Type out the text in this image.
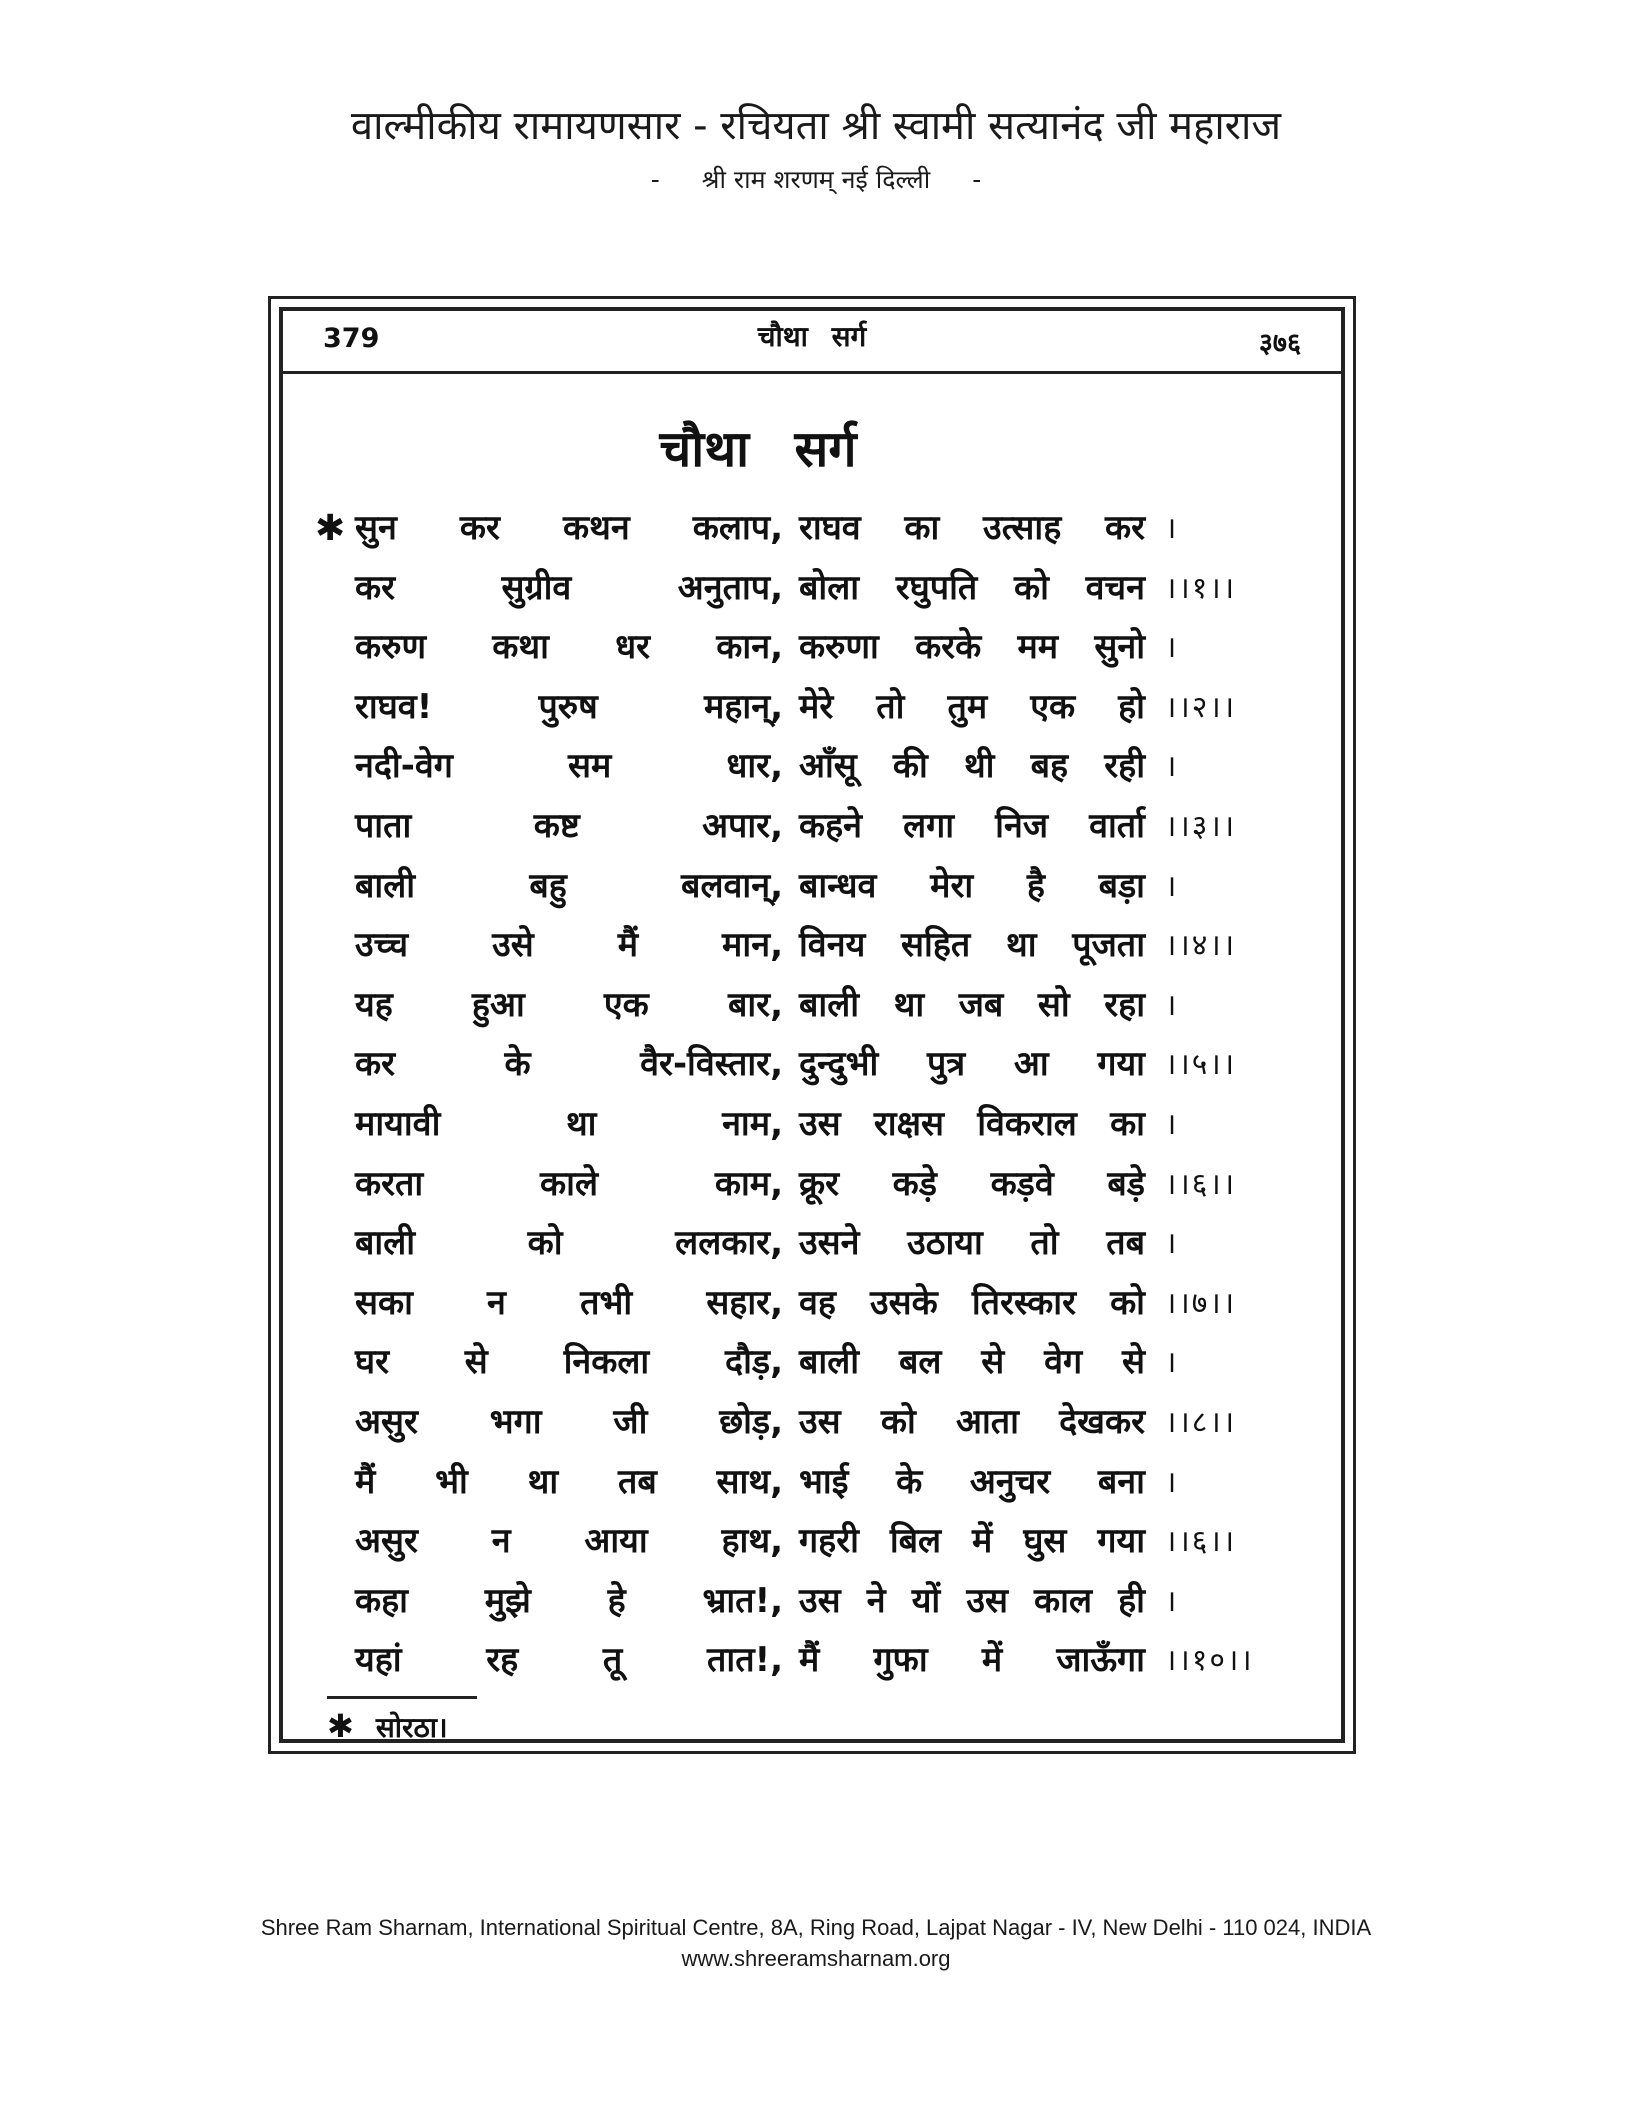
वाल्मीकीय रामायणसार - रचियता श्री स्वामी सत्यानंद जी महाराज
- श्री राम शरणम् नई दिल्ली -
379	चौथा सर्ग	३७६
चौथा सर्ग
✱ सुन कर कथन कलाप, राघव का उत्साह कर ।
कर सुग्रीव अनुताप, बोला रघुपति को वचन ।।१।।
करुण कथा धर कान, करुणा करके मम सुनो ।
राघव! पुरुष महान्, मेरे तो तुम एक हो ।।२।।
नदी-वेग सम धार, आँसू की थी बह रही ।
पाता कष्ट अपार, कहने लगा निज वार्ता ।।३।।
बाली बहु बलवान्, बान्धव मेरा है बड़ा ।
उच्च उसे मैं मान, विनय सहित था पूजता ।।४।।
यह हुआ एक बार, बाली था जब सो रहा ।
कर के वैर-विस्तार, दुन्दुभी पुत्र आ गया ।।५।।
मायावी था नाम, उस राक्षस विकराल का ।
करता काले काम, क्रूर कड़े कड़वे बड़े ।।६।।
बाली को ललकार, उसने उठाया तो तब ।
सका न तभी सहार, वह उसके तिरस्कार को ।।७।।
घर से निकला दौड़, बाली बल से वेग से ।
असुर भगा जी छोड़, उस को आता देखकर ।।८।।
मैं भी था तब साथ, भाई के अनुचर बना ।
असुर न आया हाथ, गहरी बिल में घुस गया ।।६।।
कहा मुझे हे भ्रात!, उस ने यों उस काल ही ।
यहां रह तू तात!, मैं गुफा में जाऊँगा ।।१०।।
✱ सोरठा।
Shree Ram Sharnam, International Spiritual Centre, 8A, Ring Road, Lajpat Nagar - IV, New Delhi - 110 024, INDIA
www.shreeramsharnam.org
